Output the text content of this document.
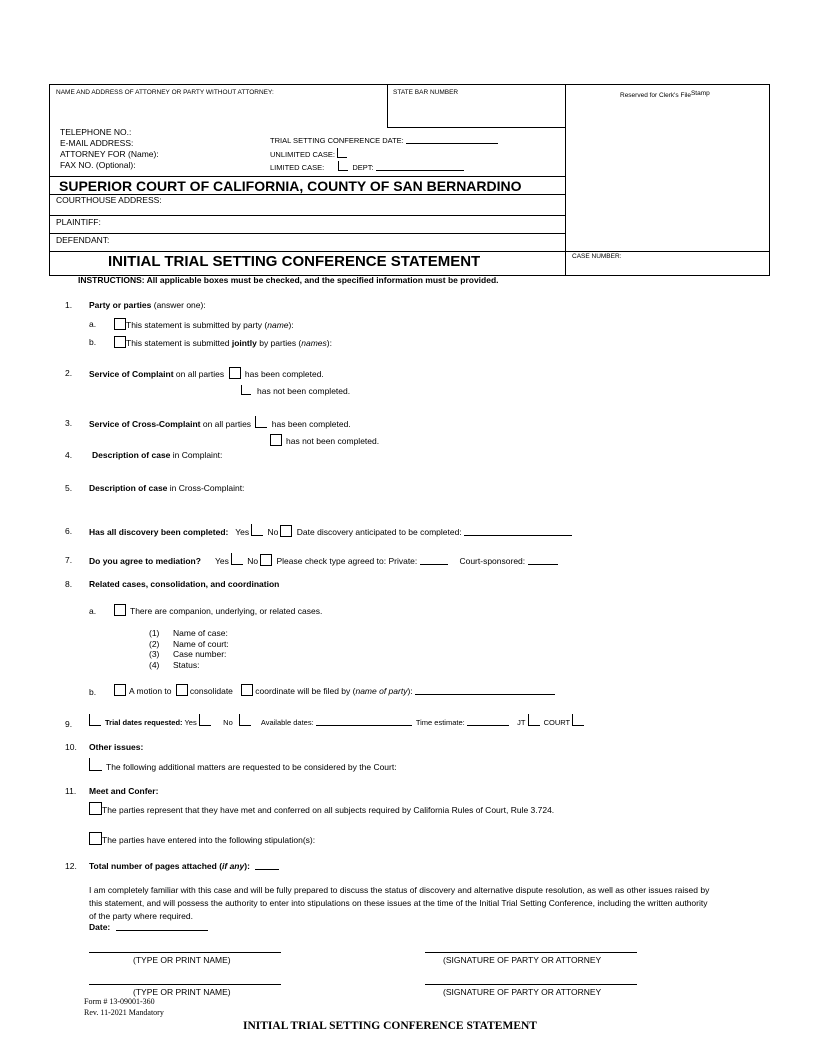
NAME AND ADDRESS OF ATTORNEY OR PARTY WITHOUT ATTORNEY:	STATE BAR NUMBER	Reserved for Clerk's FileStamp
TELEPHONE NO.:
E-MAIL ADDRESS:
ATTORNEY FOR (Name):
FAX NO. (Optional):
TRIAL SETTING CONFERENCE DATE:
UNLIMITED CASE:
LIMITED CASE:	DEPT:
SUPERIOR COURT OF CALIFORNIA, COUNTY OF SAN BERNARDINO
COURTHOUSE ADDRESS:
PLAINTIFF:
DEFENDANT:
INITIAL TRIAL SETTING CONFERENCE STATEMENT	CASE NUMBER:
INSTRUCTIONS: All applicable boxes must be checked, and the specified information must be provided.
1. Party or parties (answer one):
a.	This statement is submitted by party (name):
b.	This statement is submitted jointly by parties (names):
2. Service of Complaint on all parties has been completed.
has not been completed.
3. Service of Cross-Complaint on all parties has been completed.
has not been completed.
4. Description of case in Complaint:
5. Description of case in Cross-Complaint:
6. Has all discovery been completed: Yes No Date discovery anticipated to be completed:
7. Do you agree to mediation? Yes No Please check type agreed to: Private:	Court-sponsored:
8. Related cases, consolidation, and coordination
a.	There are companion, underlying, or related cases.
(1) Name of case:
(2) Name of court:
(3) Case number:
(4) Status:
b.	A motion to consolidate	coordinate will be filed by (name of party):
9.	Trial dates requested: Yes	No	Available dates:	Time estimate:	JT COURT
10. Other issues:
The following additional matters are requested to be considered by the Court:
11. Meet and Confer:
The parties represent that they have met and conferred on all subjects required by California Rules of Court, Rule 3.724.
The parties have entered into the following stipulation(s):
12. Total number of pages attached (if any):
I am completely familiar with this case and will be fully prepared to discuss the status of discovery and alternative dispute resolution, as well as other issues raised by
this statement, and will possess the authority to enter into stipulations on these issues at the time of the Initial Trial Setting Conference, including the written authority
of the party where required.
Date:
(TYPE OR PRINT NAME)	(SIGNATURE OF PARTY OR ATTORNEY
(TYPE OR PRINT NAME)	(SIGNATURE OF PARTY OR ATTORNEY
Form # 13-09001-360
Rev. 11-2021 Mandatory
INITIAL TRIAL SETTING CONFERENCE STATEMENT
